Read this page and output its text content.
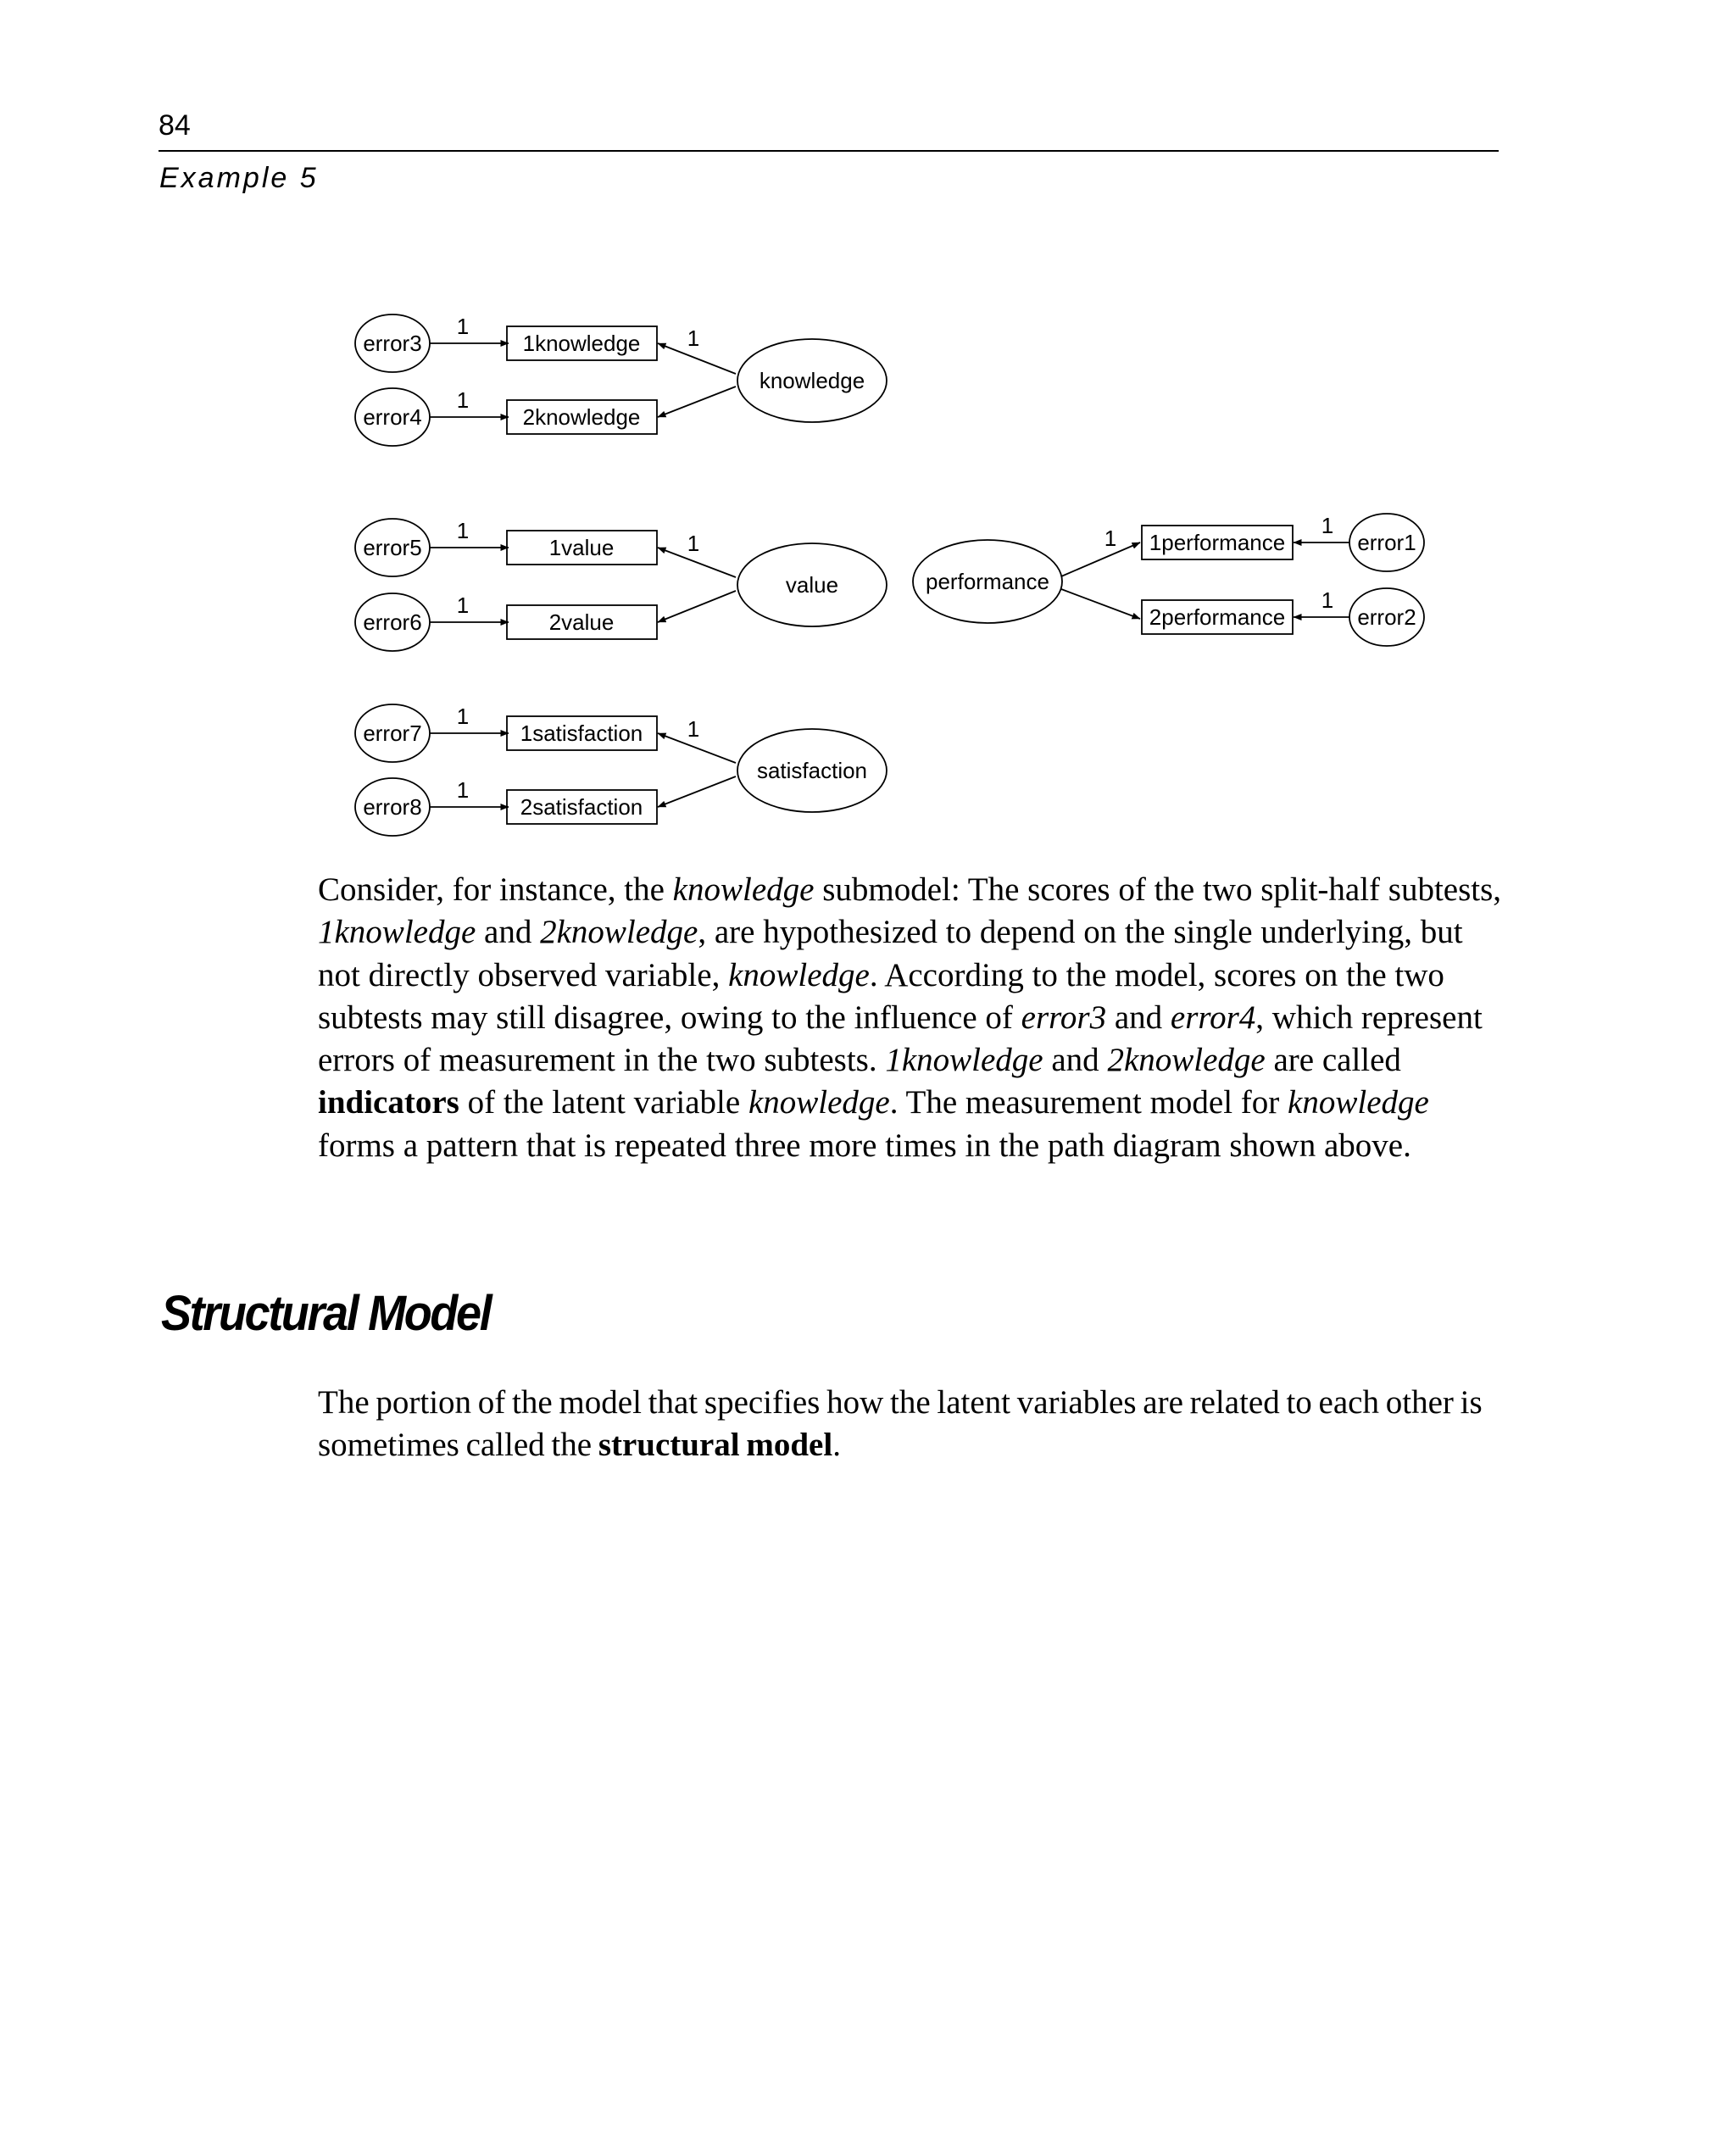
84
Example 5
error3
error4
error5
error6
error7
error8
error1
error2
1knowledge
2knowledge
1value
2value
1satisfaction
2satisfaction
1performance
2performance
knowledge
value
satisfaction
performance
1
1
1
1
1
1
1
1
1
1	1
1

Consider, for instance, the knowledge submodel: The scores of the two split-half subtests, 1knowledge and 2knowledge, are hypothesized to depend on the single underlying, but not directly observed variable, knowledge. According to the model, scores on the two subtests may still disagree, owing to the influence of error3 and error4, which represent errors of measurement in the two subtests. 1knowledge and 2knowledge are called indicators of the latent variable knowledge. The measurement model for knowledge forms a pattern that is repeated three more times in the path diagram shown above.

Structural Model

The portion of the model that specifies how the latent variables are related to each other is sometimes called the structural model.
